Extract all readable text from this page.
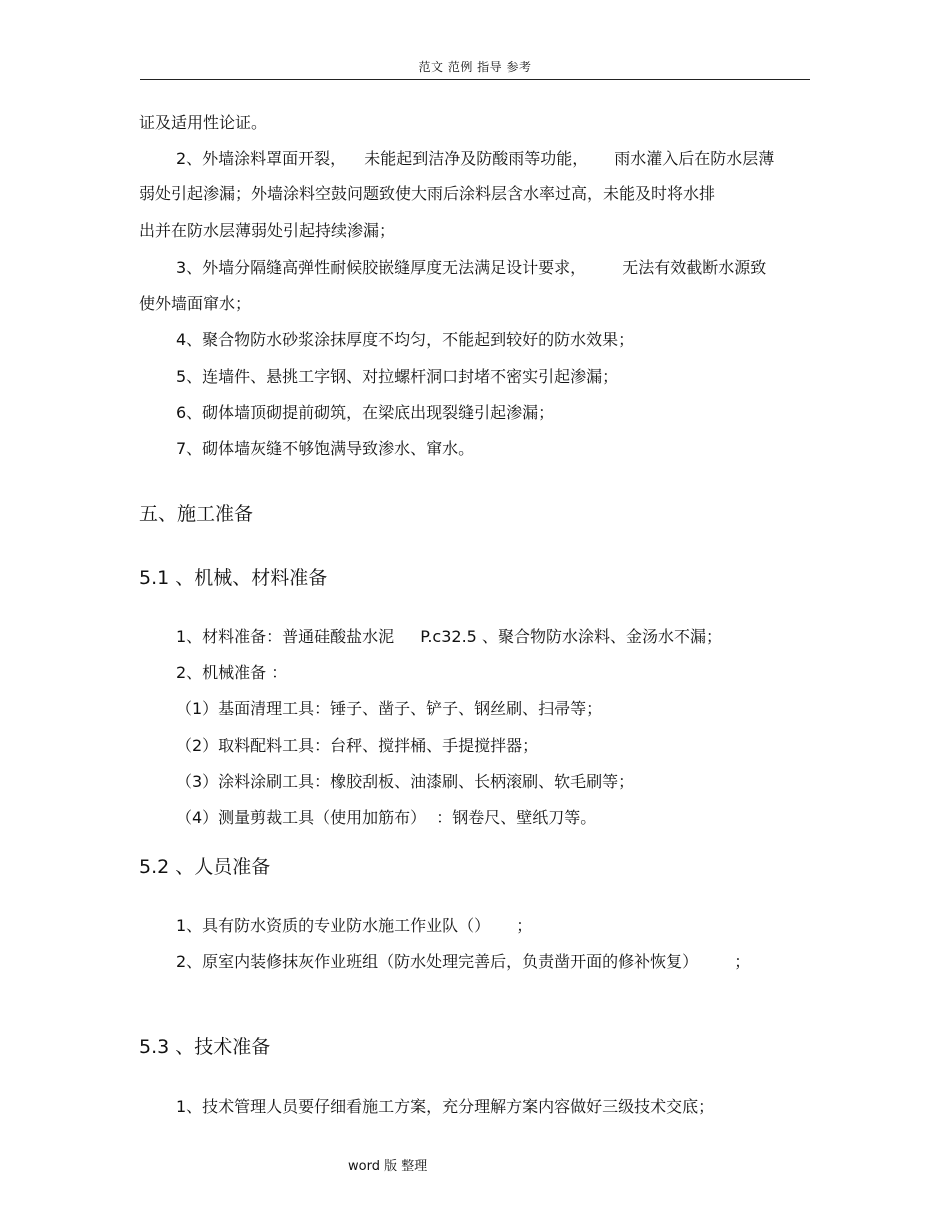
范文 范例 指导 参考
证及适用性论证。
2、外墙涂料罩面开裂， 未能起到洁净及防酸雨等功能， 雨水灌入后在防水层薄
弱处引起渗漏；外墙涂料空鼓问题致使大雨后涂料层含水率过高，未能及时将水排
出并在防水层薄弱处引起持续渗漏；
3、外墙分隔缝高弹性耐候胶嵌缝厚度无法满足设计要求， 无法有效截断水源致
使外墙面窜水；
4、聚合物防水砂浆涂抹厚度不均匀，不能起到较好的防水效果；
5、连墙件、悬挑工字钢、对拉螺杆洞口封堵不密实引起渗漏；
6、砌体墙顶砌提前砌筑，在梁底出现裂缝引起渗漏；
7、砌体墙灰缝不够饱满导致渗水、窜水。
五、施工准备
5.1 、机械、材料准备
1、材料准备：普通硅酸盐水泥 P.c32.5 、聚合物防水涂料、金汤水不漏；
2、机械准备 ：
（1）基面清理工具：锤子、凿子、铲子、钢丝刷、扫帚等；
（2）取料配料工具：台秤、搅拌桶、手提搅拌器；
（3）涂料涂刷工具：橡胶刮板、油漆刷、长柄滚刷、软毛刷等；
（4）测量剪裁工具（使用加筋布） ：钢卷尺、壁纸刀等。
5.2 、人员准备
1、具有防水资质的专业防水施工作业队（） ；
2、原室内装修抹灰作业班组（防水处理完善后，负责凿开面的修补恢复） ；
5.3 、技术准备
1、技术管理人员要仔细看施工方案，充分理解方案内容做好三级技术交底；
word 版 整理
